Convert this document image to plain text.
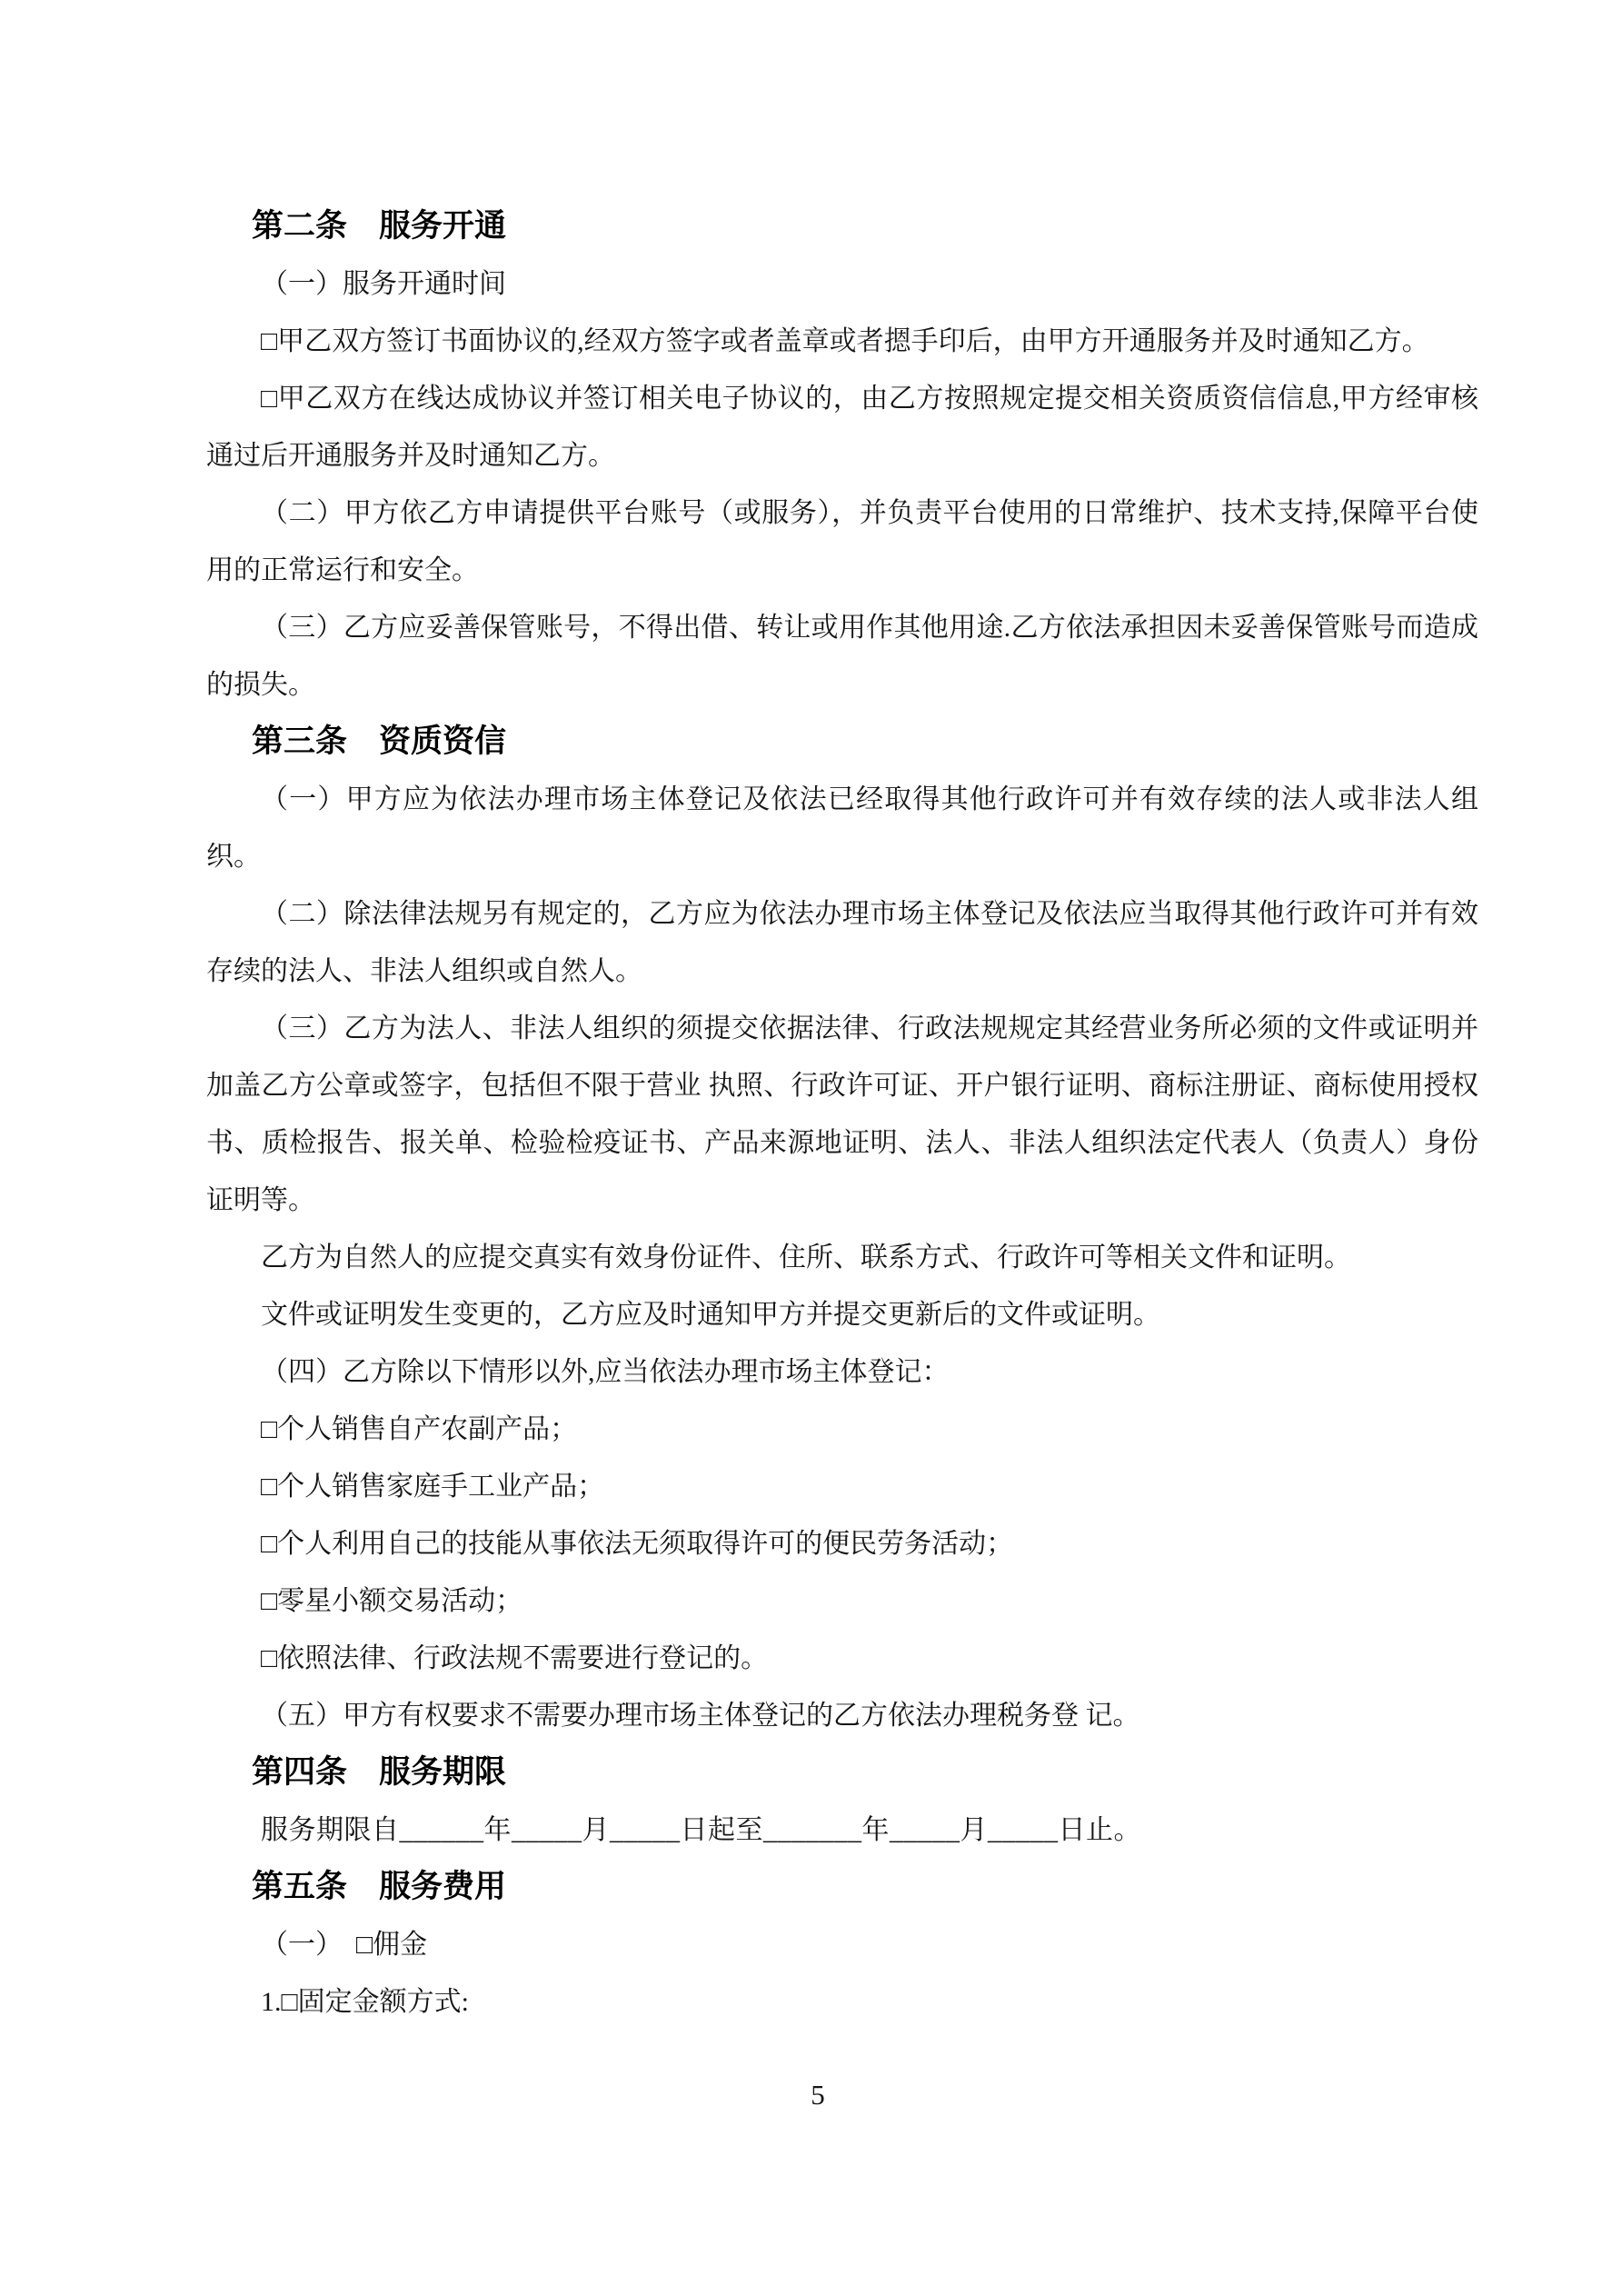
第二条　服务开通

（一）服务开通时间

□甲乙双方签订书面协议的,经双方签字或者盖章或者摁手印后，由甲方开通服务并及时通知乙方。

□甲乙双方在线达成协议并签订相关电子协议的，由乙方按照规定提交相关资质资信信息,甲方经审核通过后开通服务并及时通知乙方。

（二）甲方依乙方申请提供平台账号（或服务），并负责平台使用的日常维护、技术支持,保障平台使用的正常运行和安全。

（三）乙方应妥善保管账号，不得出借、转让或用作其他用途.乙方依法承担因未妥善保管账号而造成的损失。

第三条　资质资信

（一）甲方应为依法办理市场主体登记及依法已经取得其他行政许可并有效存续的法人或非法人组织。

（二）除法律法规另有规定的，乙方应为依法办理市场主体登记及依法应当取得其他行政许可并有效存续的法人、非法人组织或自然人。

（三）乙方为法人、非法人组织的须提交依据法律、行政法规规定其经营业务所必须的文件或证明并加盖乙方公章或签字，包括但不限于营业 执照、行政许可证、开户银行证明、商标注册证、商标使用授权书、质检报告、报关单、检验检疫证书、产品来源地证明、法人、非法人组织法定代表人（负责人）身份证明等。

乙方为自然人的应提交真实有效身份证件、住所、联系方式、行政许可等相关文件和证明。

文件或证明发生变更的，乙方应及时通知甲方并提交更新后的文件或证明。

（四）乙方除以下情形以外,应当依法办理市场主体登记：

□个人销售自产农副产品；

□个人销售家庭手工业产品；

□个人利用自己的技能从事依法无须取得许可的便民劳务活动；

□零星小额交易活动；

□依照法律、行政法规不需要进行登记的。

（五）甲方有权要求不需要办理市场主体登记的乙方依法办理税务登 记。

第四条　服务期限

服务期限自______年_____月_____日起至_______年_____月_____日止。

第五条　服务费用

（一）　□佣金

1.□固定金额方式:

5
